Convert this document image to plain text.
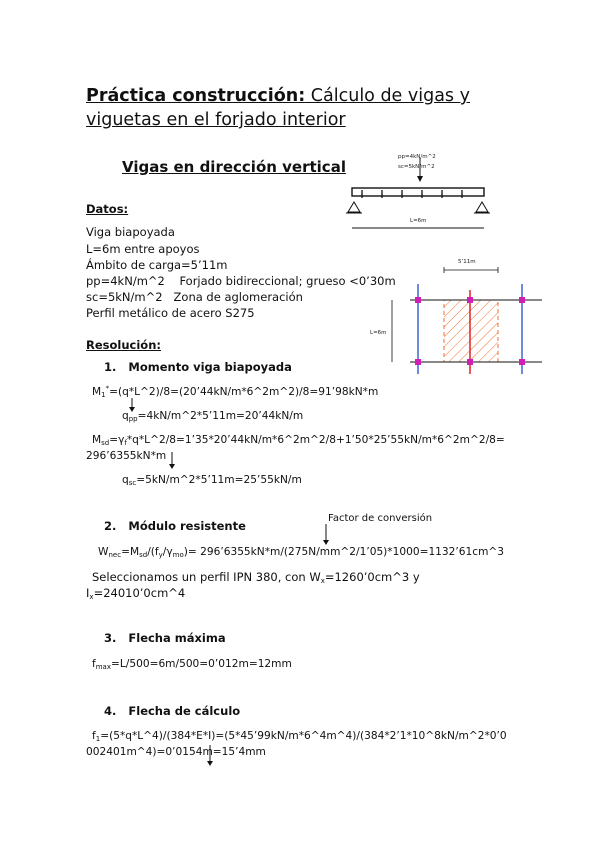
Práctica construcción: Cálculo de vigas y
viguetas en el forjado interior
Vigas en dirección vertical
pp=4kN/m^2
sc=5kN/m^2
L=6m
Datos:
Viga biapoyada
L=6m entre apoyos
Ámbito de carga=5’11m
pp=4kN/m^2    Forjado bidireccional; grueso <0’30m
sc=5kN/m^2   Zona de aglomeración
Perfil metálico de acero S275
5’11m
L=6m
Resolución:
1. Momento viga biapoyada
$M_1^*=(q*L\^{}2)/8=(20’44kN/m*6\^{}2m\^{}2)/8=91’98kN*m$
$q_{pp}=4kN/m\^{}2*5’11m=20’44kN/m$
$M_{sd}=\gamma_f*q*L\^{}2/8=1’35*20’44kN/m*6\^{}2m\^{}2/8+1’50*25’55kN/m*6\^{}2m\^{}2/8=$
296’6355kN*m
$q_{sc}=5kN/m\^{}2*5’11m=25’55kN/m$
2. Módulo resistente
Factor de conversión
$W_{nec}=M_{sd}/(f_y/\gamma_{mo})=$ 296’6355kN*m/(275N/mm^2/1’05)*1000=1132’61cm^3
Seleccionamos un perfil IPN 380, con $W_x=1260’0cm\^{}3$ y
$I_x=24010’0cm\^{}4$
3. Flecha máxima
$f_{max}=L/500=6m/500=0’012m=12mm$
4. Flecha de cálculo
$f_1=(5*q*L\^{}4)/(384*E*I)=(5*45’99kN/m*6\^{}4m\^{}4)/(384*2’1*10\^{}8kN/m\^{}2*0’0$
002401m^4)=0’0154m=15’4mm
